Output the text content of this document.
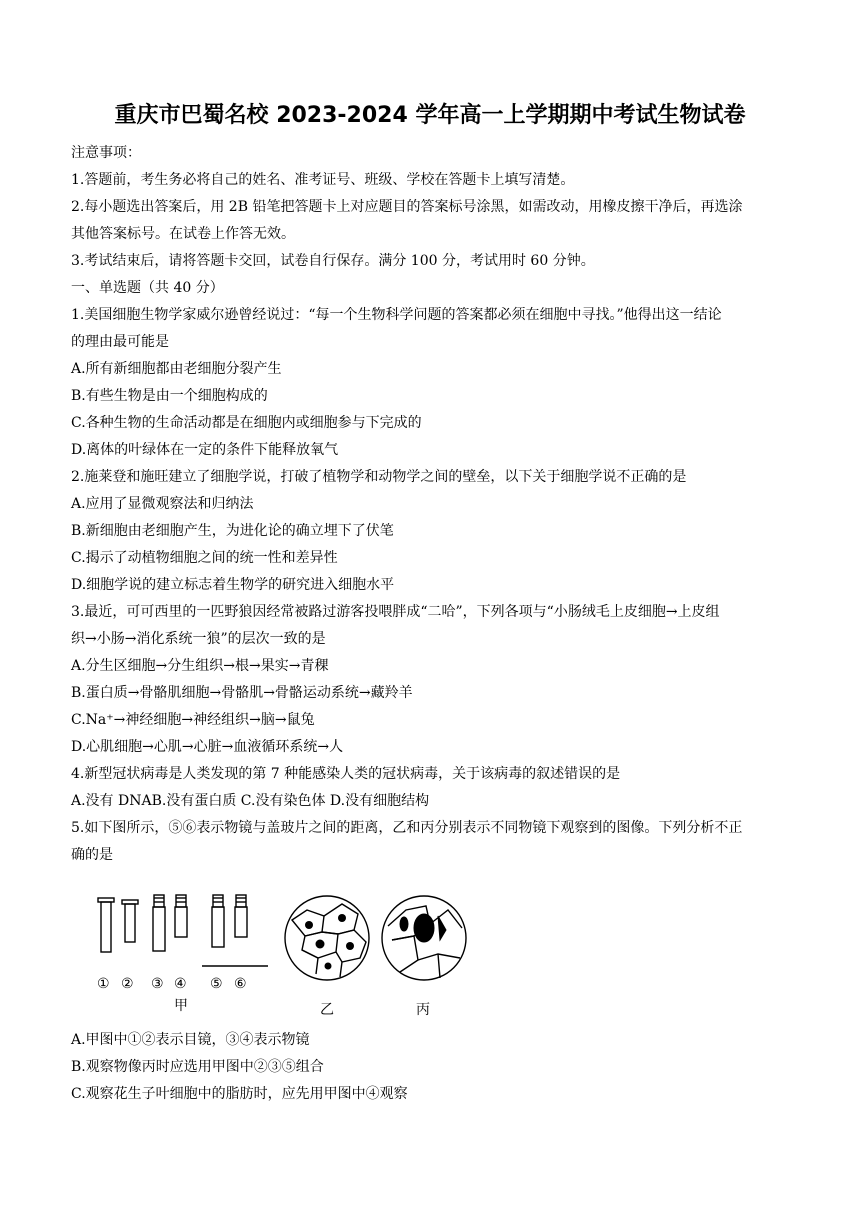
重庆市巴蜀名校 2023-2024 学年高一上学期期中考试生物试卷
注意事项：
1.答题前，考生务必将自己的姓名、准考证号、班级、学校在答题卡上填写清楚。
2.每小题选出答案后，用 2B 铅笔把答题卡上对应题目的答案标号涂黑，如需改动，用橡皮擦干净后，再选涂
其他答案标号。在试卷上作答无效。
3.考试结束后，请将答题卡交回，试卷自行保存。满分 100 分，考试用时 60 分钟。
一、单选题（共 40 分）
1.美国细胞生物学家威尔逊曾经说过：“每一个生物科学问题的答案都必须在细胞中寻找。”他得出这一结论
的理由最可能是
A.所有新细胞都由老细胞分裂产生
B.有些生物是由一个细胞构成的
C.各种生物的生命活动都是在细胞内或细胞参与下完成的
D.离体的叶绿体在一定的条件下能释放氧气
2.施莱登和施旺建立了细胞学说，打破了植物学和动物学之间的壁垒，以下关于细胞学说不正确的是
A.应用了显微观察法和归纳法
B.新细胞由老细胞产生，为进化论的确立埋下了伏笔
C.揭示了动植物细胞之间的统一性和差异性
D.细胞学说的建立标志着生物学的研究进入细胞水平
3.最近，可可西里的一匹野狼因经常被路过游客投喂胖成“二哈”，下列各项与“小肠绒毛上皮细胞→上皮组
织→小肠→消化系统一狼”的层次一致的是
A.分生区细胞→分生组织→根→果实→青稞
B.蛋白质→骨骼肌细胞→骨骼肌→骨骼运动系统→藏羚羊
C.Na⁺→神经细胞→神经组织→脑→鼠兔
D.心肌细胞→心肌→心脏→血液循环系统→人
4.新型冠状病毒是人类发现的第 7 种能感染人类的冠状病毒，关于该病毒的叙述错误的是
A.没有 DNAB.没有蛋白质 C.没有染色体 D.没有细胞结构
5.如下图所示，⑤⑥表示物镜与盖玻片之间的距离，乙和丙分别表示不同物镜下观察到的图像。下列分析不正
确的是
① ② ③ ④ ⑤ ⑥
甲	乙	丙
A.甲图中①②表示目镜，③④表示物镜
B.观察物像丙时应选用甲图中②③⑤组合
C.观察花生子叶细胞中的脂肪时，应先用甲图中④观察
